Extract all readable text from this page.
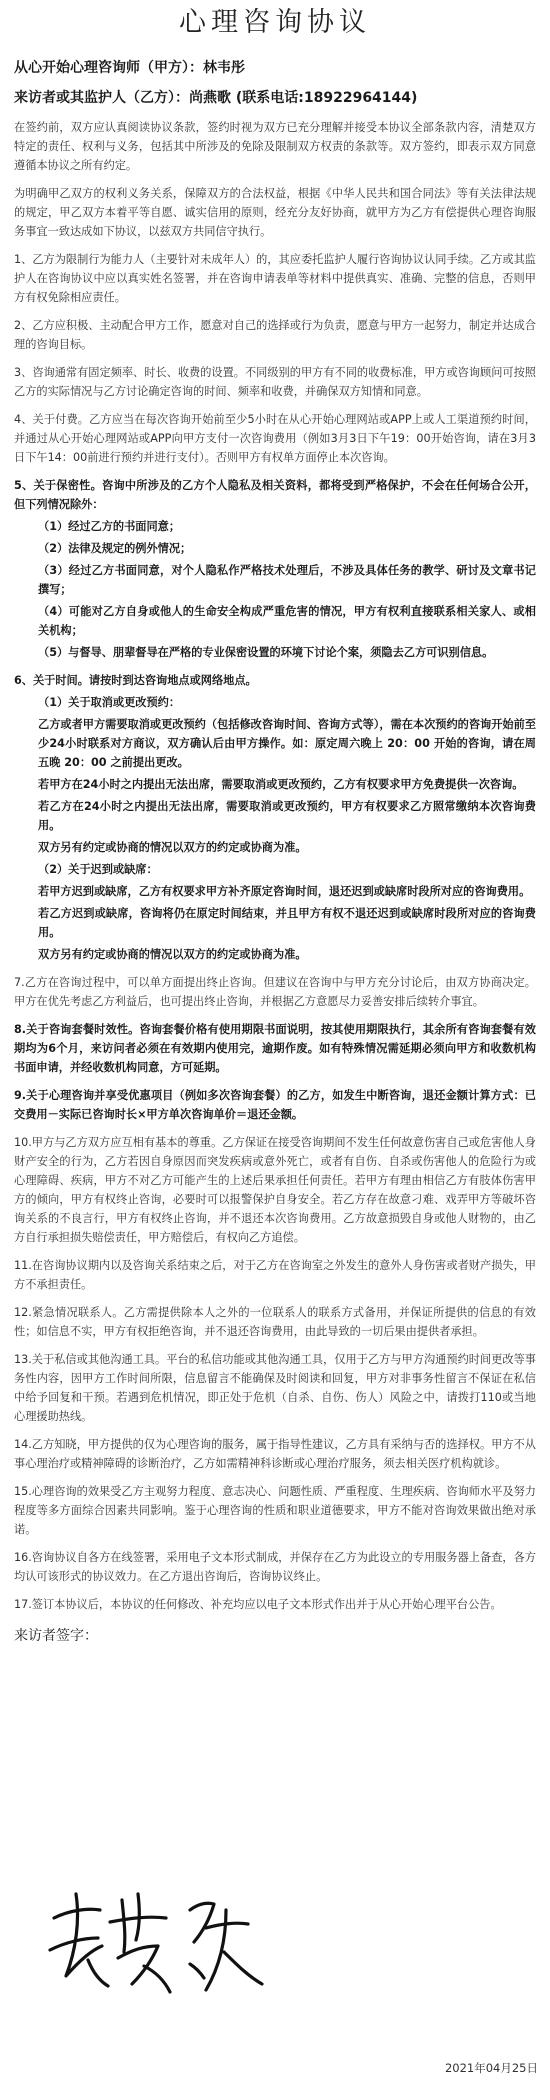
心理咨询协议
从心开始心理咨询师（甲方）：林韦彤
来访者或其监护人（乙方）：尚燕歌 (联系电话:18922964144)
在签约前，双方应认真阅读协议条款，签约时视为双方已充分理解并接受本协议全部条款内容，清楚双方特定的责任、权利与义务，包括其中所涉及的免除及限制双方权责的条款等。双方签约，即表示双方同意遵循本协议之所有约定。
为明确甲乙双方的权利义务关系，保障双方的合法权益，根据《中华人民共和国合同法》等有关法律法规的规定，甲乙双方本着平等自愿、诚实信用的原则，经充分友好协商，就甲方为乙方有偿提供心理咨询服务事宜一致达成如下协议，以兹双方共同信守执行。
1、乙方为限制行为能力人（主要针对未成年人）的，其应委托监护人履行咨询协议认同手续。乙方或其监护人在咨询协议中应以真实姓名签署，并在咨询申请表单等材料中提供真实、准确、完整的信息，否则甲方有权免除相应责任。
2、乙方应积极、主动配合甲方工作，愿意对自己的选择或行为负责，愿意与甲方一起努力，制定并达成合理的咨询目标。
3、咨询通常有固定频率、时长、收费的设置。不同级别的甲方有不同的收费标准，甲方或咨询顾问可按照乙方的实际情况与乙方讨论确定咨询的时间、频率和收费，并确保双方知情和同意。
4、关于付费。乙方应当在每次咨询开始前至少5小时在从心开始心理网站或APP上或人工渠道预约时间，并通过从心开始心理网站或APP向甲方支付一次咨询费用（例如3月3日下午19：00开始咨询，请在3月3日下午14：00前进行预约并进行支付）。否则甲方有权单方面停止本次咨询。
5、关于保密性。咨询中所涉及的乙方个人隐私及相关资料，都将受到严格保护，不会在任何场合公开，但下列情况除外：
（1）经过乙方的书面同意；
（2）法律及规定的例外情况；
（3）经过乙方书面同意，对个人隐私作严格技术处理后，不涉及具体任务的教学、研讨及文章书记撰写；
（4）可能对乙方自身或他人的生命安全构成严重危害的情况，甲方有权利直接联系相关家人、或相关机构；
（5）与督导、朋辈督导在严格的专业保密设置的环境下讨论个案，须隐去乙方可识别信息。
6、关于时间。请按时到达咨询地点或网络地点。
（1）关于取消或更改预约：
乙方或者甲方需要取消或更改预约（包括修改咨询时间、咨询方式等），需在本次预约的咨询开始前至少24小时联系对方商议，双方确认后由甲方操作。如：原定周六晚上 20：00 开始的咨询，请在周五晚 20：00 之前提出更改。
若甲方在24小时之内提出无法出席，需要取消或更改预约，乙方有权要求甲方免费提供一次咨询。
若乙方在24小时之内提出无法出席，需要取消或更改预约，甲方有权要求乙方照常缴纳本次咨询费用。
双方另有约定或协商的情况以双方的约定或协商为准。
（2）关于迟到或缺席：
若甲方迟到或缺席，乙方有权要求甲方补齐原定咨询时间，退还迟到或缺席时段所对应的咨询费用。
若乙方迟到或缺席，咨询将仍在原定时间结束，并且甲方有权不退还迟到或缺席时段所对应的咨询费用。
双方另有约定或协商的情况以双方的约定或协商为准。
7.乙方在咨询过程中，可以单方面提出终止咨询。但建议在咨询中与甲方充分讨论后，由双方协商决定。甲方在优先考虑乙方利益后，也可提出终止咨询，并根据乙方意愿尽力妥善安排后续转介事宜。
8.关于咨询套餐时效性。咨询套餐价格有使用期限书面说明，按其使用期限执行，其余所有咨询套餐有效期均为6个月，来访问者必须在有效期内使用完，逾期作废。如有特殊情况需延期必须向甲方和收数机构书面申请，并经收数机构同意，方可延期。
9.关于心理咨询并享受优惠项目（例如多次咨询套餐）的乙方，如发生中断咨询，退还金额计算方式：已交费用－实际已咨询时长×甲方单次咨询单价＝退还金额。
10.甲方与乙方双方应互相有基本的尊重。乙方保证在接受咨询期间不发生任何故意伤害自己或危害他人身财产安全的行为，乙方若因自身原因而突发疾病或意外死亡，或者有自伤、自杀或伤害他人的危险行为或心理障碍、疾病，甲方不对乙方可能产生的上述后果承担任何责任。若甲方有理由相信乙方有肢体伤害甲方的倾向，甲方有权终止咨询，必要时可以报警保护自身安全。若乙方存在故意刁难、戏弄甲方等破坏咨询关系的不良言行，甲方有权终止咨询，并不退还本次咨询费用。乙方故意损毁自身或他人财物的，由乙方自行承担损失赔偿责任，甲方赔偿后，有权向乙方追偿。
11.在咨询协议期内以及咨询关系结束之后，对于乙方在咨询室之外发生的意外人身伤害或者财产损失，甲方不承担责任。
12.紧急情况联系人。乙方需提供除本人之外的一位联系人的联系方式备用，并保证所提供的信息的有效性；如信息不实，甲方有权拒绝咨询，并不退还咨询费用，由此导致的一切后果由提供者承担。
13.关于私信或其他沟通工具。平台的私信功能或其他沟通工具，仅用于乙方与甲方沟通预约时间更改等事务性内容，因甲方工作时间所限，信息留言不能确保及时阅读和回复，甲方对非事务性留言不保证在私信中给予回复和干预。若遇到危机情况，即正处于危机（自杀、自伤、伤人）风险之中，请拨打110或当地心理援助热线。
14.乙方知晓，甲方提供的仅为心理咨询的服务，属于指导性建议，乙方具有采纳与否的选择权。甲方不从事心理治疗或精神障碍的诊断治疗，乙方如需精神科诊断或心理治疗服务，须去相关医疗机构就诊。
15.心理咨询的效果受乙方主观努力程度、意志决心、问题性质、严重程度、生理疾病、咨询师水平及努力程度等多方面综合因素共同影响。鉴于心理咨询的性质和职业道德要求，甲方不能对咨询效果做出绝对承诺。
16.咨询协议自各方在线签署，采用电子文本形式制成，并保存在乙方为此设立的专用服务器上备查，各方均认可该形式的协议效力。在乙方退出咨询后，咨询协议终止。
17.签订本协议后，本协议的任何修改、补充均应以电子文本形式作出并于从心开始心理平台公告。
来访者签字：
2021年04月25日
